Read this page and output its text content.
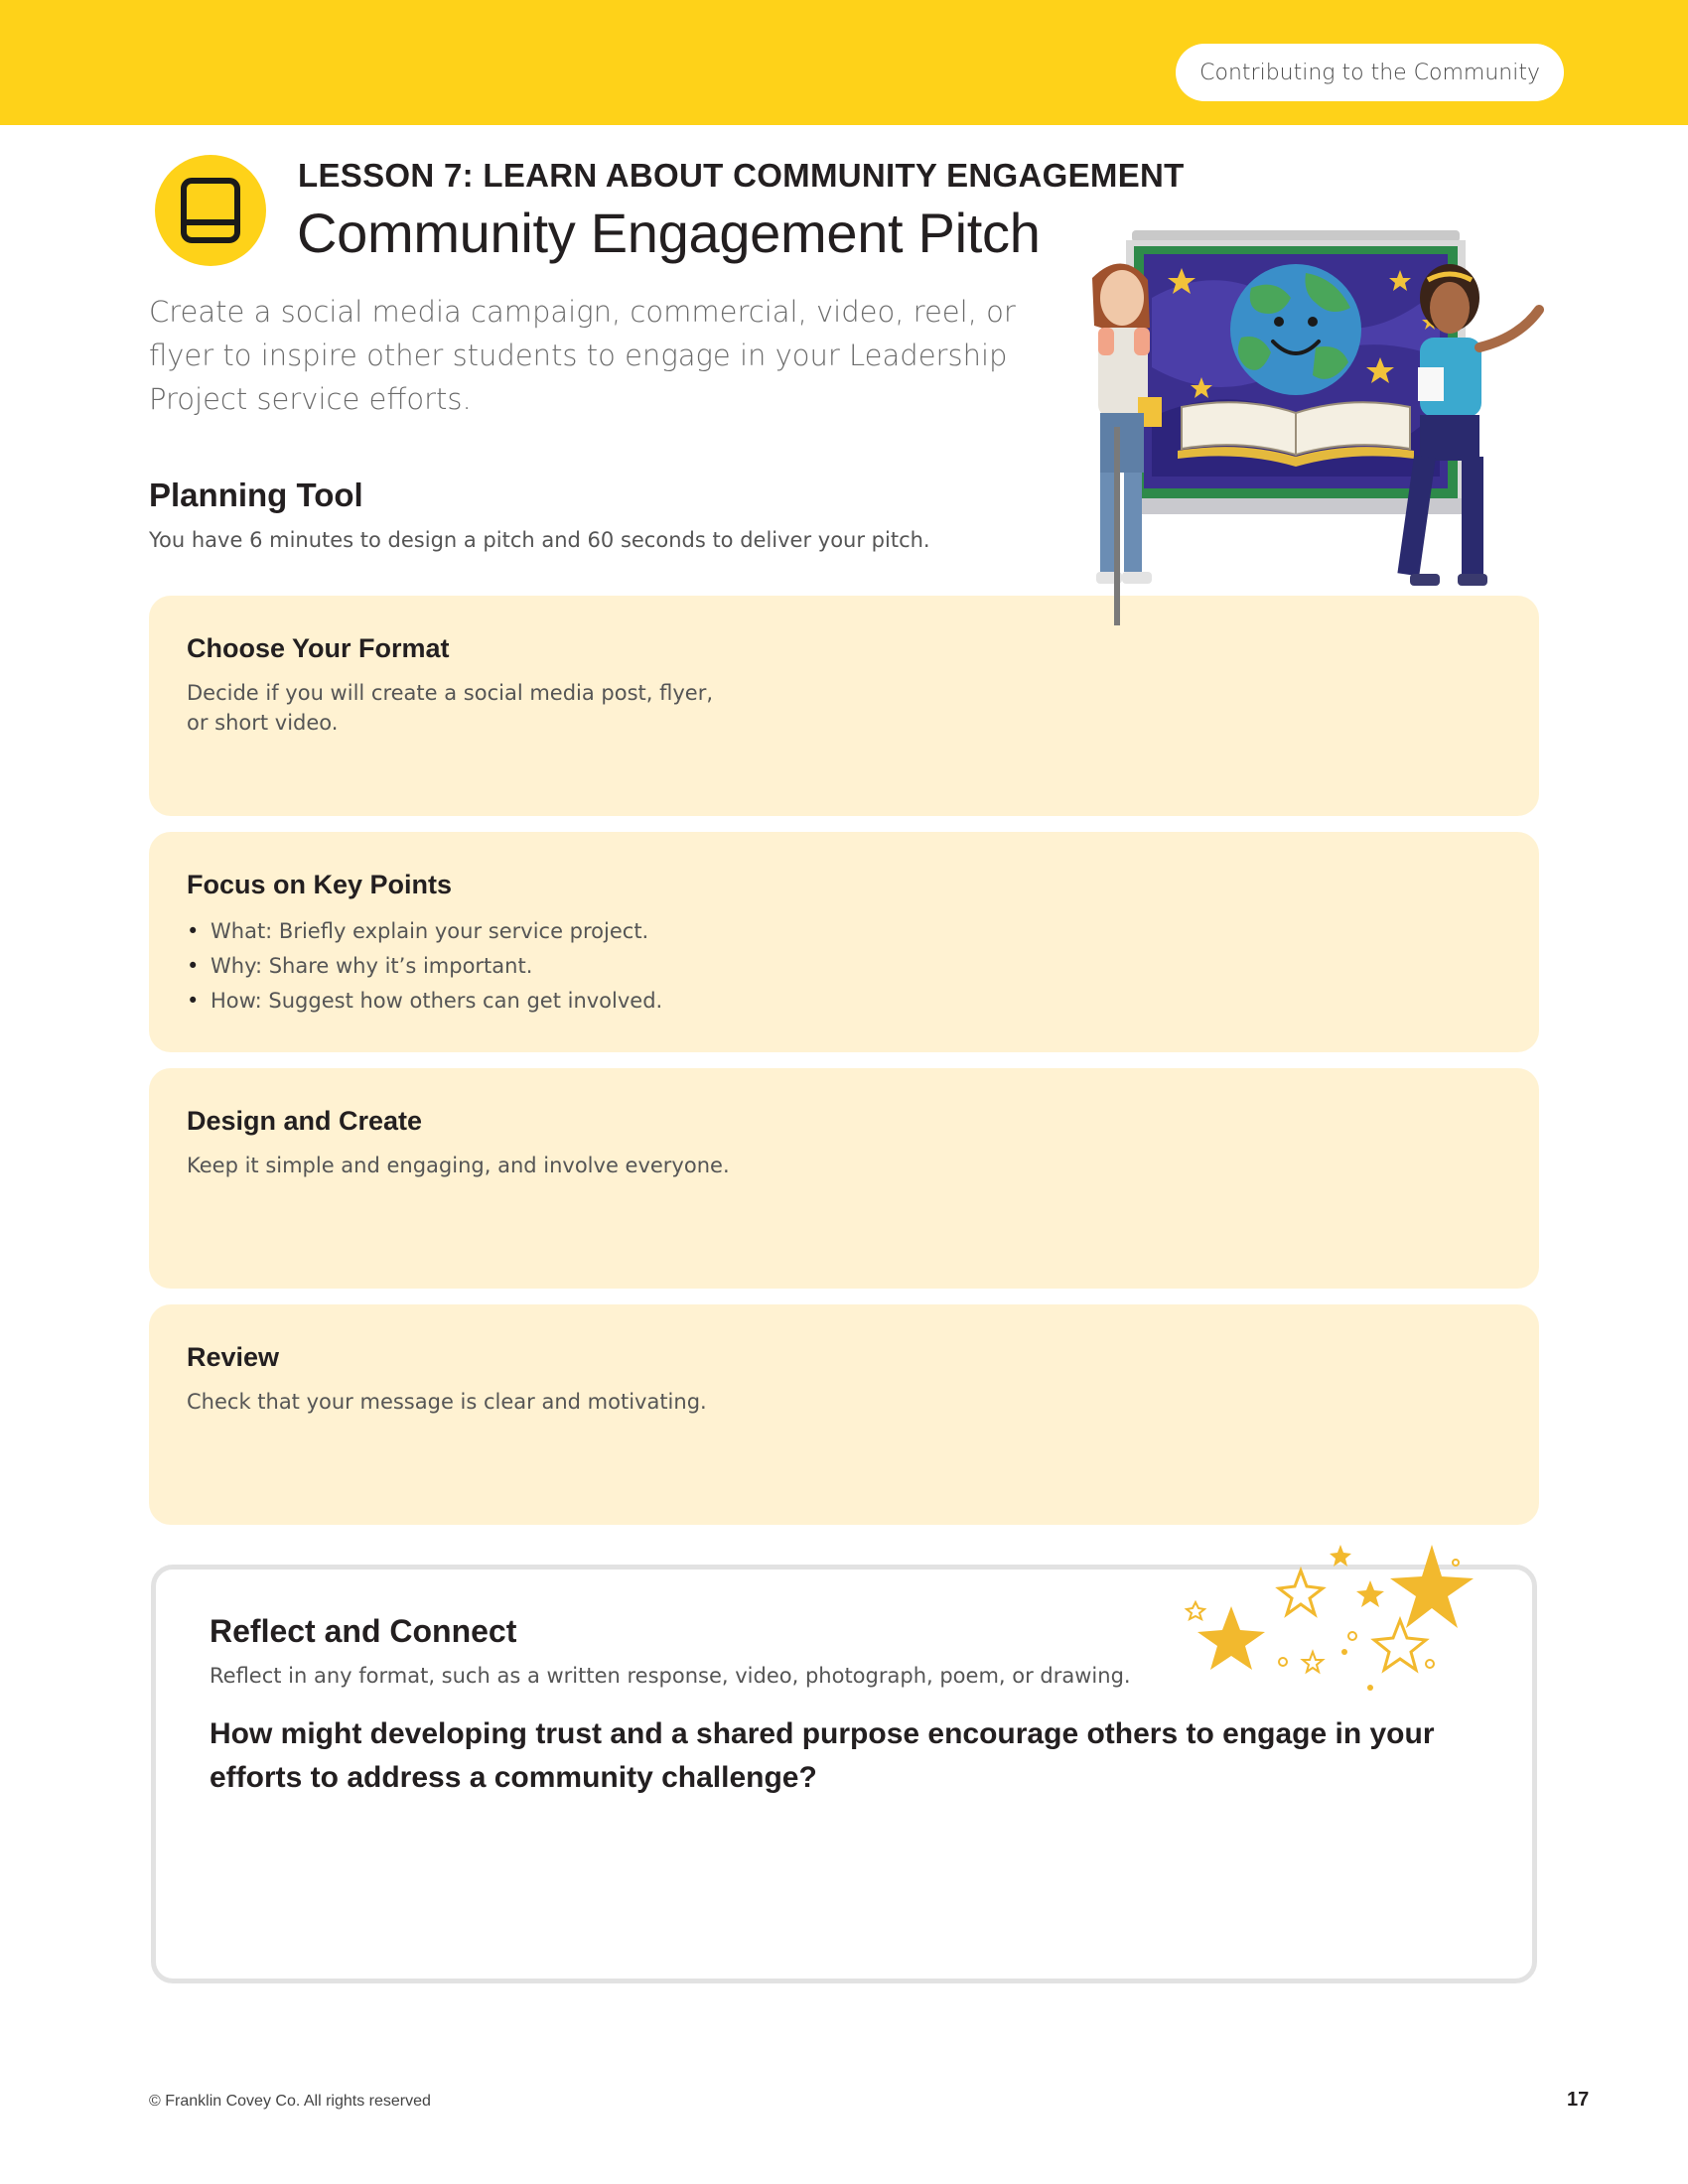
Contributing to the Community
LESSON 7: LEARN ABOUT COMMUNITY ENGAGEMENT
Community Engagement Pitch
Create a social media campaign, commercial, video, reel, or flyer to inspire other students to engage in your Leadership Project service efforts.
Planning Tool
You have 6 minutes to design a pitch and 60 seconds to deliver your pitch.
Choose Your Format
Decide if you will create a social media post, flyer,
or short video.
Focus on Key Points
• What: Briefly explain your service project.
• Why: Share why it’s important.
• How: Suggest how others can get involved.
Design and Create
Keep it simple and engaging, and involve everyone.
Review
Check that your message is clear and motivating.
Reflect and Connect
Reflect in any format, such as a written response, video, photograph, poem, or drawing.
How might developing trust and a shared purpose encourage others to engage in your efforts to address a community challenge?
© Franklin Covey Co. All rights reserved	17
